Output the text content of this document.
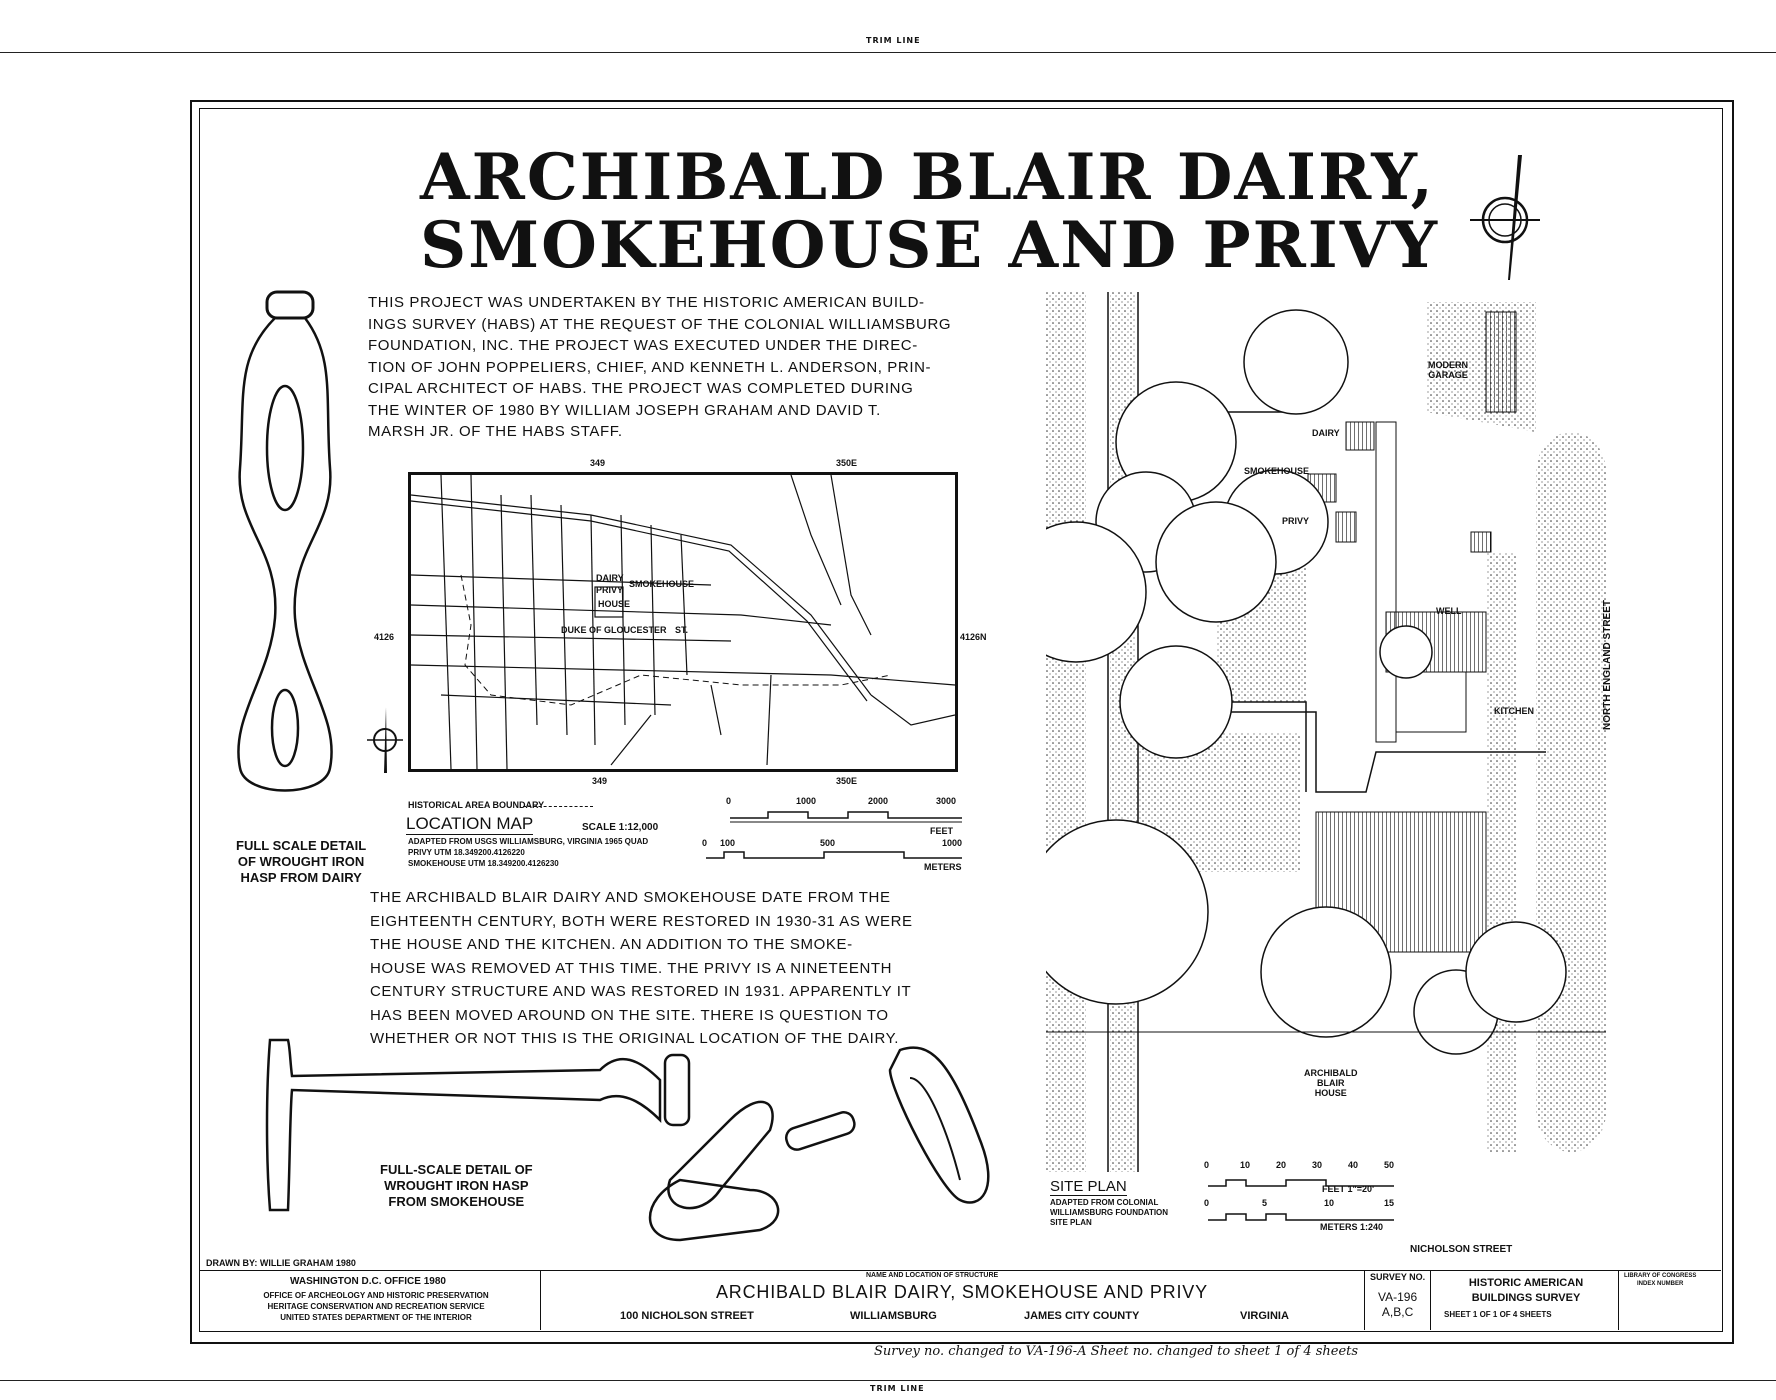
TRIM LINE
TRIM LINE
ARCHIBALD BLAIR DAIRY,
SMOKEHOUSE AND PRIVY
THIS PROJECT WAS UNDERTAKEN BY THE HISTORIC AMERICAN BUILD-
INGS SURVEY (HABS) AT THE REQUEST OF THE COLONIAL WILLIAMSBURG
FOUNDATION, INC. THE PROJECT WAS EXECUTED UNDER THE DIREC-
TION OF JOHN POPPELIERS, CHIEF, AND KENNETH L. ANDERSON, PRIN-
CIPAL ARCHITECT OF HABS. THE PROJECT WAS COMPLETED DURING
THE WINTER OF 1980 BY WILLIAM JOSEPH GRAHAM AND DAVID T.
MARSH JR. OF THE HABS STAFF.
FULL SCALE DETAIL
OF WROUGHT IRON
HASP FROM DAIRY
DAIRY
PRIVY
SMOKEHOUSE
HOUSE
DUKE OF GLOUCESTER ST.
349	350E
349	350E
4126	4126N
HISTORICAL AREA BOUNDARY
LOCATION MAP	SCALE 1:12,000
ADAPTED FROM USGS WILLIAMSBURG, VIRGINIA 1965 QUAD
PRIVY UTM 18.349200.4126220
SMOKEHOUSE UTM 18.349200.4126230
0	1000	2000	3000
FEET
0 100	500	1000
METERS
THE ARCHIBALD BLAIR DAIRY AND SMOKEHOUSE DATE FROM THE
EIGHTEENTH CENTURY, BOTH WERE RESTORED IN 1930-31 AS WERE
THE HOUSE AND THE KITCHEN. AN ADDITION TO THE SMOKE-
HOUSE WAS REMOVED AT THIS TIME. THE PRIVY IS A NINETEENTH
CENTURY STRUCTURE AND WAS RESTORED IN 1931. APPARENTLY IT
HAS BEEN MOVED AROUND ON THE SITE. THERE IS QUESTION TO
WHETHER OR NOT THIS IS THE ORIGINAL LOCATION OF THE DAIRY.
FULL-SCALE DETAIL OF
WROUGHT IRON HASP
FROM SMOKEHOUSE
MODERN
GARAGE
DAIRY
SMOKEHOUSE
PRIVY
WELL
KITCHEN
ARCHIBALD
BLAIR
HOUSE
NORTH ENGLAND STREET
NICHOLSON STREET
SITE PLAN
ADAPTED FROM COLONIAL
WILLIAMSBURG FOUNDATION
SITE PLAN
0	10	20	30	40	50
FEET 1"=20'
0	5	10	15
METERS 1:240
DRAWN BY: WILLIE GRAHAM 1980
WASHINGTON D.C. OFFICE 1980
OFFICE OF ARCHEOLOGY AND HISTORIC PRESERVATION
HERITAGE CONSERVATION AND RECREATION SERVICE
UNITED STATES DEPARTMENT OF THE INTERIOR
NAME AND LOCATION OF STRUCTURE
ARCHIBALD BLAIR DAIRY, SMOKEHOUSE AND PRIVY
100 NICHOLSON STREET	WILLIAMSBURG	JAMES CITY COUNTY	VIRGINIA
SURVEY NO.
VA-196
A,B,C
HISTORIC AMERICAN
BUILDINGS SURVEY
SHEET 1 OF 1 OF 4 SHEETS
LIBRARY OF CONGRESS
INDEX NUMBER
Survey no. changed to VA-196-A Sheet no. changed to sheet 1 of 4 sheets
